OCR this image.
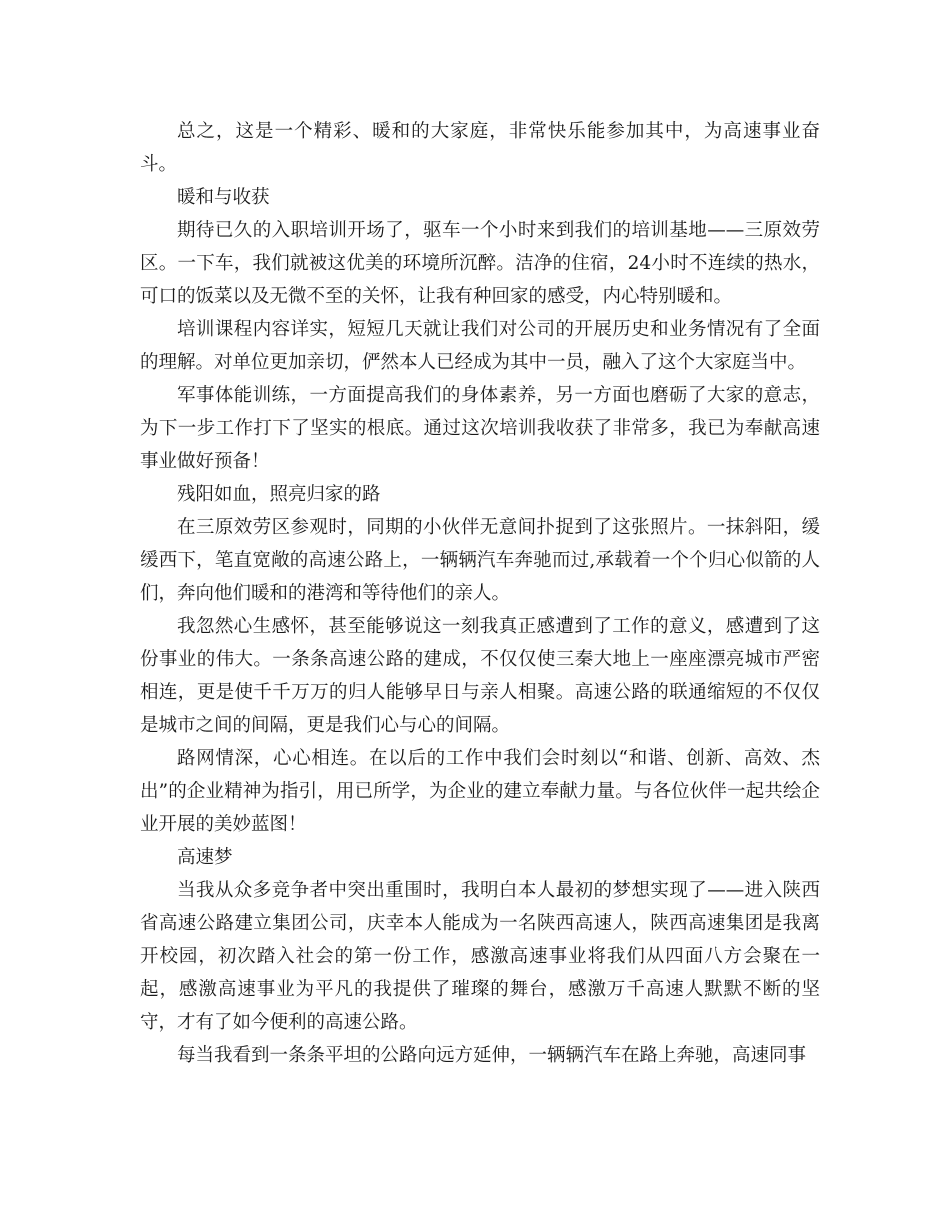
总之，这是一个精彩、暖和的大家庭，非常快乐能参加其中，为高速事业奋斗。

暖和与收获

期待已久的入职培训开场了，驱车一个小时来到我们的培训基地——三原效劳区。一下车，我们就被这优美的环境所沉醉。洁净的住宿，24小时不连续的热水，可口的饭菜以及无微不至的关怀，让我有种回家的感受，内心特别暖和。

培训课程内容详实，短短几天就让我们对公司的开展历史和业务情况有了全面的理解。对单位更加亲切，俨然本人已经成为其中一员，融入了这个大家庭当中。

军事体能训练，一方面提高我们的身体素养，另一方面也磨砺了大家的意志，为下一步工作打下了坚实的根底。通过这次培训我收获了非常多，我已为奉献高速事业做好预备！

残阳如血，照亮归家的路

在三原效劳区参观时，同期的小伙伴无意间扑捉到了这张照片。一抹斜阳，缓缓西下，笔直宽敞的高速公路上，一辆辆汽车奔驰而过,承载着一个个归心似箭的人们，奔向他们暖和的港湾和等待他们的亲人。

我忽然心生感怀，甚至能够说这一刻我真正感遭到了工作的意义，感遭到了这份事业的伟大。一条条高速公路的建成，不仅仅使三秦大地上一座座漂亮城市严密相连，更是使千千万万的归人能够早日与亲人相聚。高速公路的联通缩短的不仅仅是城市之间的间隔，更是我们心与心的间隔。

路网情深，心心相连。在以后的工作中我们会时刻以“和谐、创新、高效、杰出”的企业精神为指引，用已所学，为企业的建立奉献力量。与各位伙伴一起共绘企业开展的美妙蓝图！

高速梦

当我从众多竞争者中突出重围时，我明白本人最初的梦想实现了——进入陕西省高速公路建立集团公司，庆幸本人能成为一名陕西高速人，陕西高速集团是我离开校园，初次踏入社会的第一份工作，感激高速事业将我们从四面八方会聚在一起，感激高速事业为平凡的我提供了璀璨的舞台，感激万千高速人默默不断的坚守，才有了如今便利的高速公路。

每当我看到一条条平坦的公路向远方延伸，一辆辆汽车在路上奔驰，高速同事
